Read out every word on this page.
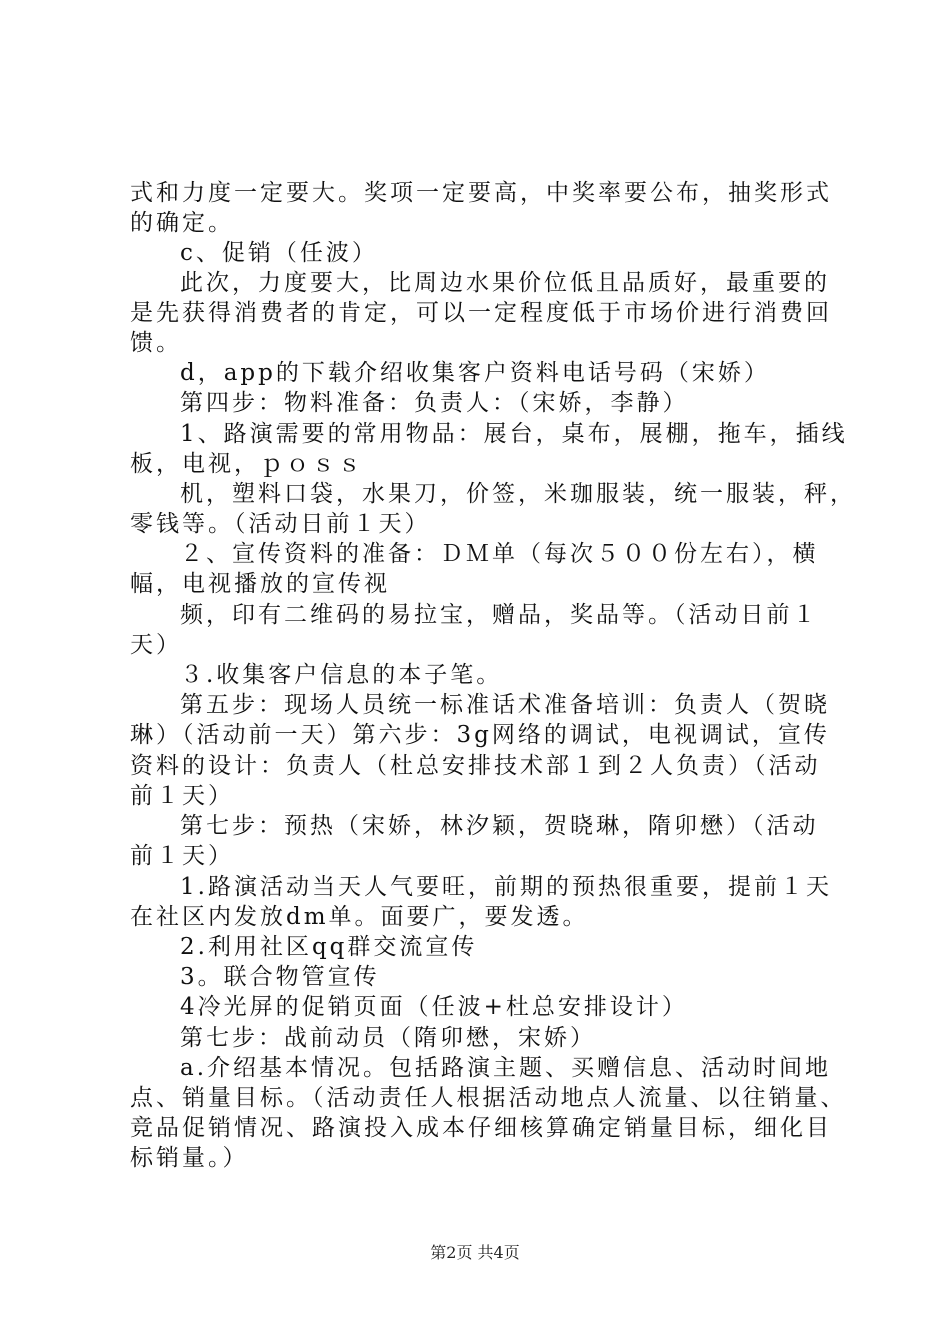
式和力度一定要大。奖项一定要高，中奖率要公布，抽奖形式
的确定。
c、促销（任波）
此次，力度要大，比周边水果价位低且品质好，最重要的
是先获得消费者的肯定，可以一定程度低于市场价进行消费回
馈。
d，app的下载介绍收集客户资料电话号码（宋娇）
第四步：物料准备：负责人：（宋娇，李静）
1、路演需要的常用物品：展台，桌布，展棚，拖车，插线
板，电视，ｐｏｓｓ
机，塑料口袋，水果刀，价签，米珈服装，统一服装，秤，
零钱等。（活动日前１天）
２、宣传资料的准备：ＤＭ单（每次５００份左右），横
幅，电视播放的宣传视
频，印有二维码的易拉宝，赠品，奖品等。（活动日前１
天）
３.收集客户信息的本子笔。
第五步：现场人员统一标准话术准备培训：负责人（贺晓
琳）（活动前一天）第六步：3g网络的调试，电视调试，宣传
资料的设计：负责人（杜总安排技术部１到２人负责）（活动
前１天）
第七步：预热（宋娇，林汐颖，贺晓琳，隋卯懋）（活动
前１天）
1.路演活动当天人气要旺，前期的预热很重要，提前１天
在社区内发放dm单。面要广，要发透。
2.利用社区qq群交流宣传
3。联合物管宣传
4冷光屏的促销页面（任波+杜总安排设计）
第七步：战前动员（隋卯懋，宋娇）
a.介绍基本情况。包括路演主题、买赠信息、活动时间地
点、销量目标。（活动责任人根据活动地点人流量、以往销量、
竞品促销情况、路演投入成本仔细核算确定销量目标，细化目
标销量。）
第2页 共4页
